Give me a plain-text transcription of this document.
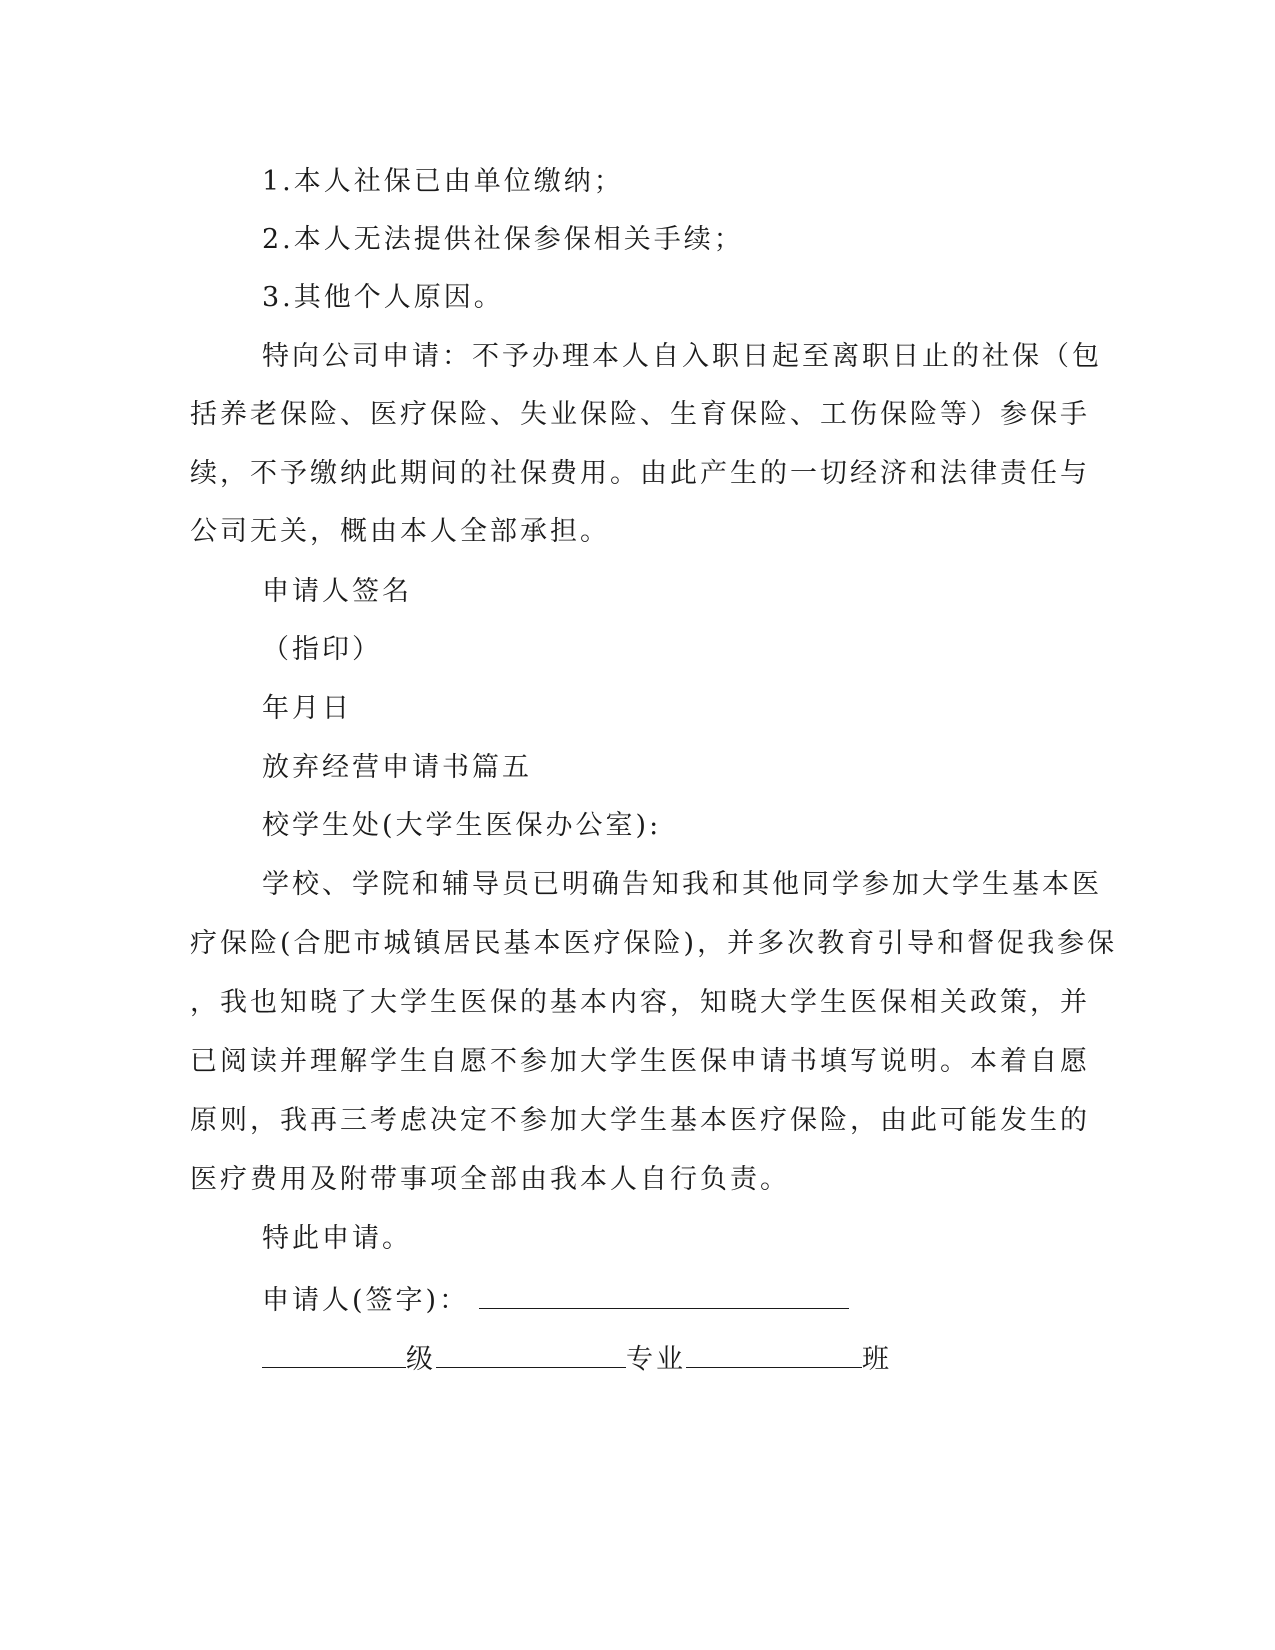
1.本人社保已由单位缴纳；
2.本人无法提供社保参保相关手续；
3.其他个人原因。
特向公司申请：不予办理本人自入职日起至离职日止的社保（包
括养老保险、医疗保险、失业保险、生育保险、工伤保险等）参保手
续，不予缴纳此期间的社保费用。由此产生的一切经济和法律责任与
公司无关，概由本人全部承担。
申请人签名
（指印）
年月日
放弃经营申请书篇五
校学生处(大学生医保办公室):
学校、学院和辅导员已明确告知我和其他同学参加大学生基本医
疗保险(合肥市城镇居民基本医疗保险)，并多次教育引导和督促我参保
，我也知晓了大学生医保的基本内容，知晓大学生医保相关政策，并
已阅读并理解学生自愿不参加大学生医保申请书填写说明。本着自愿
原则，我再三考虑决定不参加大学生基本医疗保险，由此可能发生的
医疗费用及附带事项全部由我本人自行负责。
特此申请。
申请人(签字)：
级	专业	班
